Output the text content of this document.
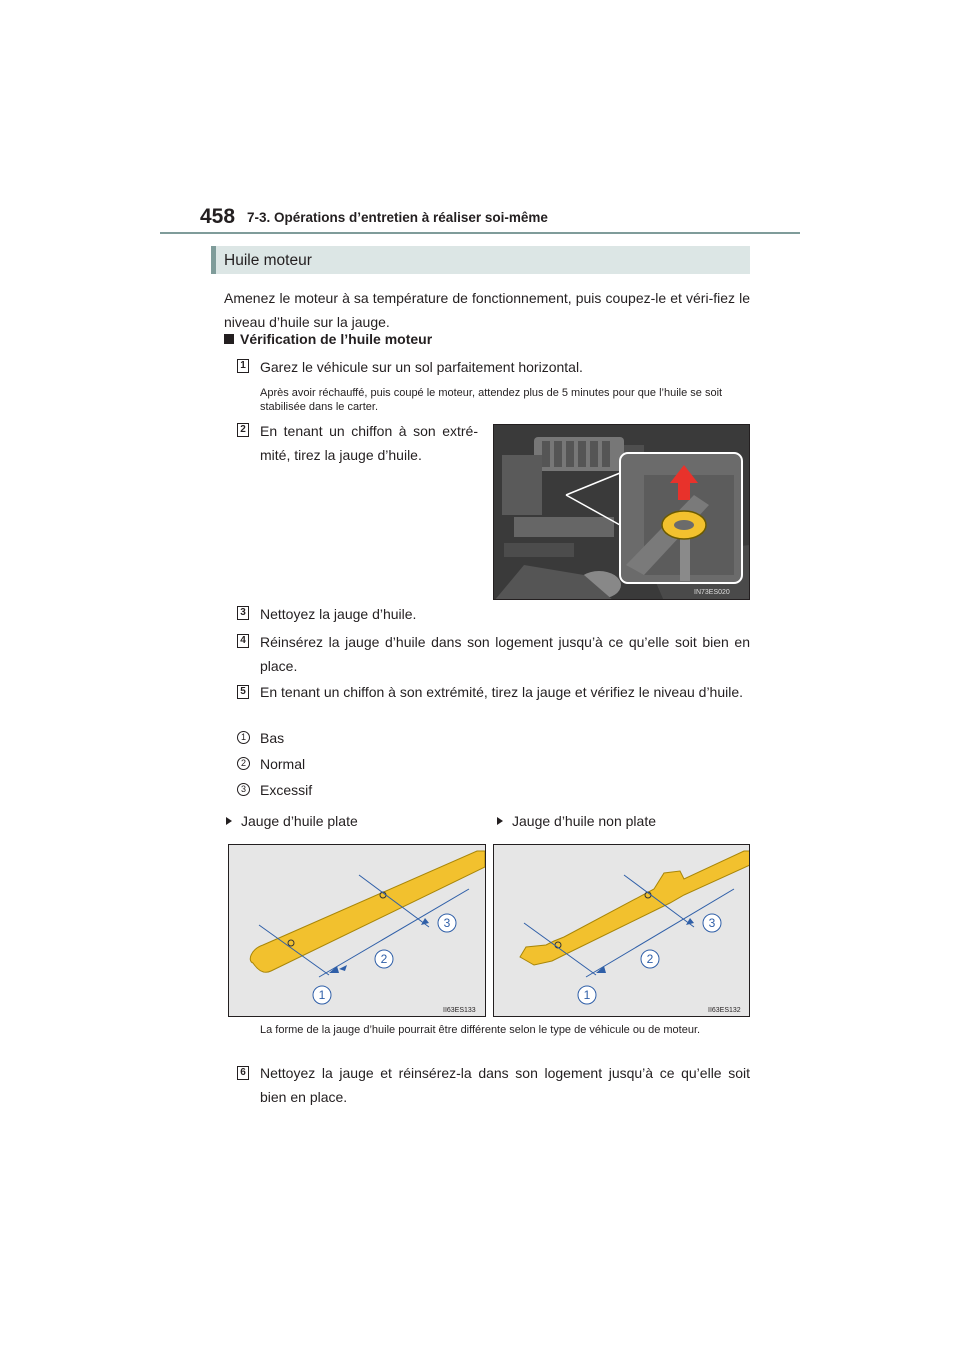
458 7-3. Opérations d’entretien à réaliser soi-même
Huile moteur
Amenez le moteur à sa température de fonctionnement, puis coupez-le et véri-fiez le niveau d’huile sur la jauge.
Vérification de l’huile moteur
1 Garez le véhicule sur un sol parfaitement horizontal.
Après avoir réchauffé, puis coupé le moteur, attendez plus de 5 minutes pour que l’huile se soit stabilisée dans le carter.
2 En tenant un chiffon à son extré-mité, tirez la jauge d’huile.
IN73ES020
3 Nettoyez la jauge d’huile.
4 Réinsérez la jauge d’huile dans son logement jusqu’à ce qu’elle soit bien en place.
5 En tenant un chiffon à son extrémité, tirez la jauge et vérifiez le niveau d’huile.
1 Bas
2 Normal
3 Excessif
Jauge d’huile plate	Jauge d’huile non plate
1
2
3
II63ES133
1
2
3
II63ES132
La forme de la jauge d’huile pourrait être différente selon le type de véhicule ou de moteur.
6 Nettoyez la jauge et réinsérez-la dans son logement jusqu’à ce qu’elle soit bien en place.
